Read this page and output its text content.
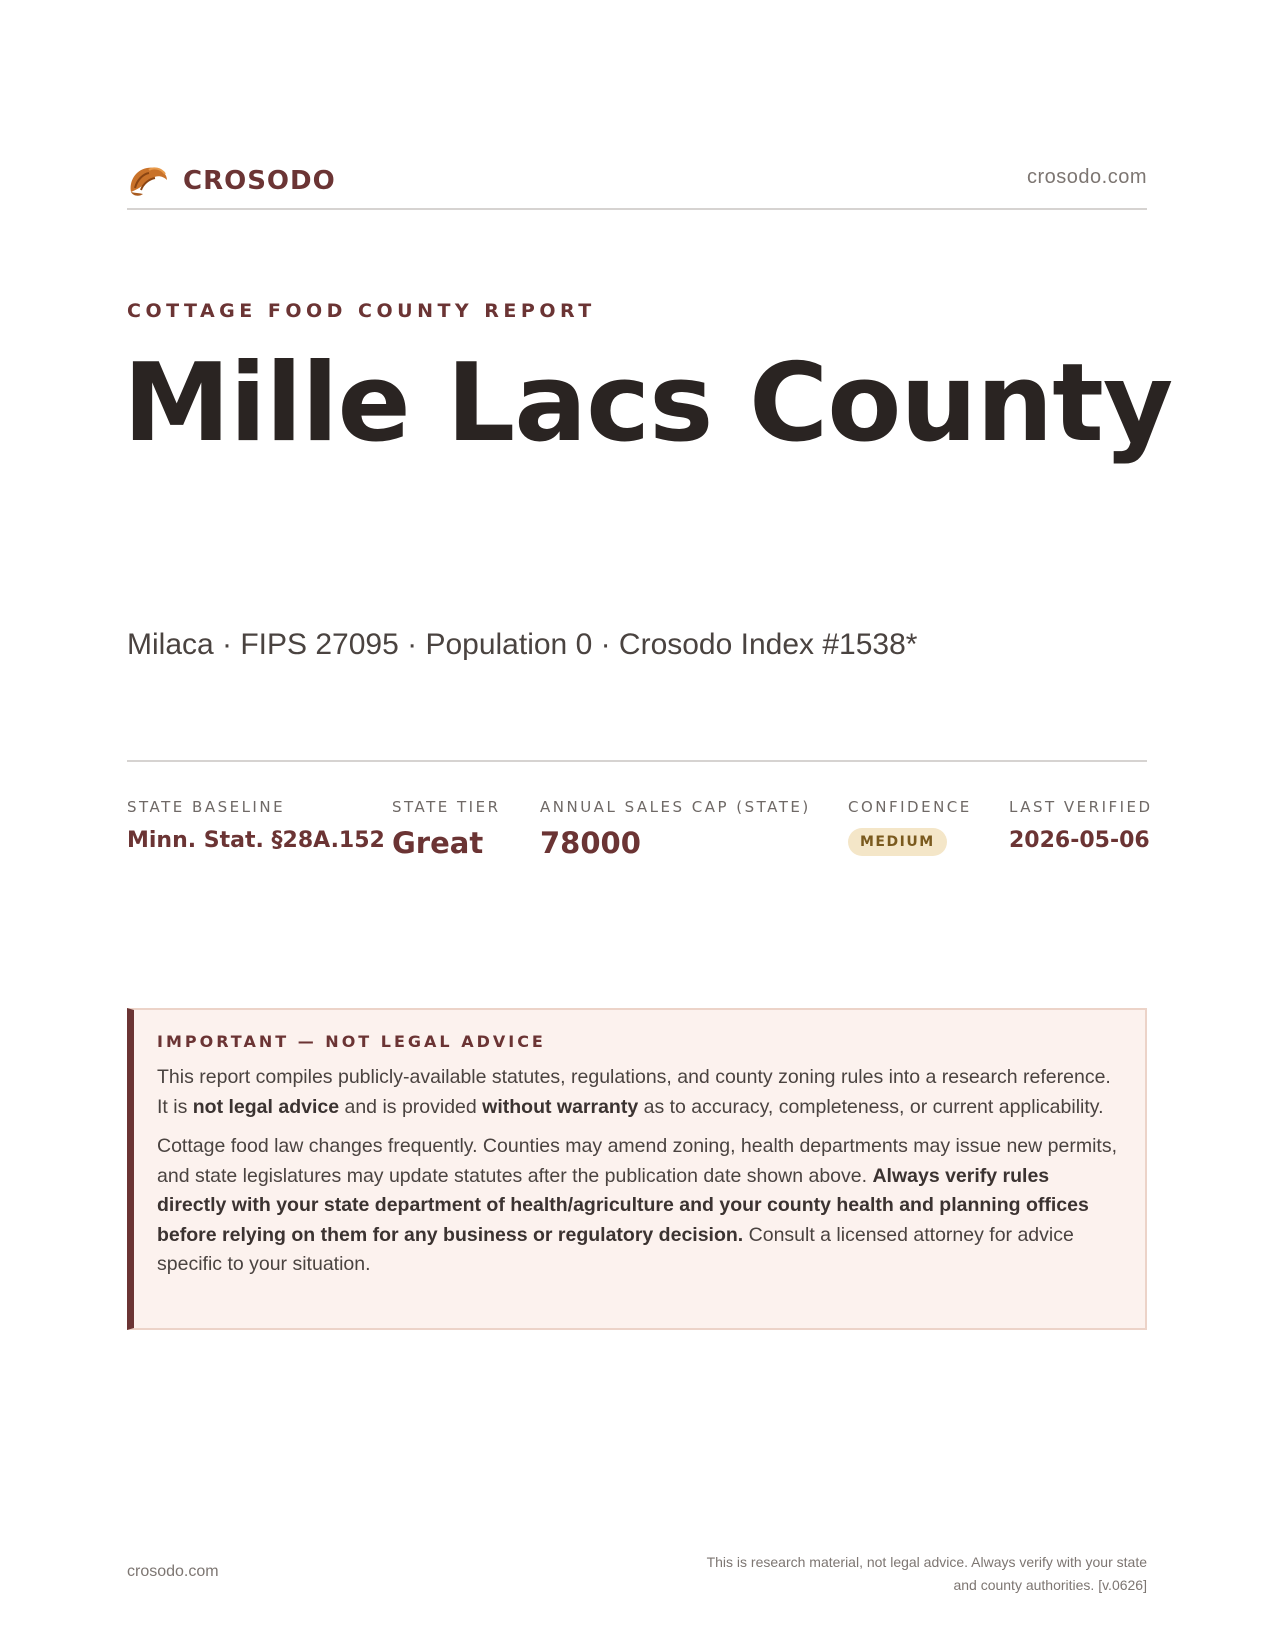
CROSODO	crosodo.com
COTTAGE FOOD COUNTY REPORT
Mille Lacs County
Milaca · FIPS 27095 · Population 0 · Crosodo Index #1538*
STATE BASELINE
Minn. Stat. §28A.152
STATE TIER
Great
ANNUAL SALES CAP (STATE)
78000
CONFIDENCE
MEDIUM
LAST VERIFIED
2026-05-06
IMPORTANT — NOT LEGAL ADVICE

This report compiles publicly-available statutes, regulations, and county zoning rules into a research reference. It is not legal advice and is provided without warranty as to accuracy, completeness, or current applicability.

Cottage food law changes frequently. Counties may amend zoning, health departments may issue new permits, and state legislatures may update statutes after the publication date shown above. Always verify rules directly with your state department of health/agriculture and your county health and planning offices before relying on them for any business or regulatory decision. Consult a licensed attorney for advice specific to your situation.

crosodo.com
This is research material, not legal advice. Always verify with your state
and county authorities. [v.0626]
